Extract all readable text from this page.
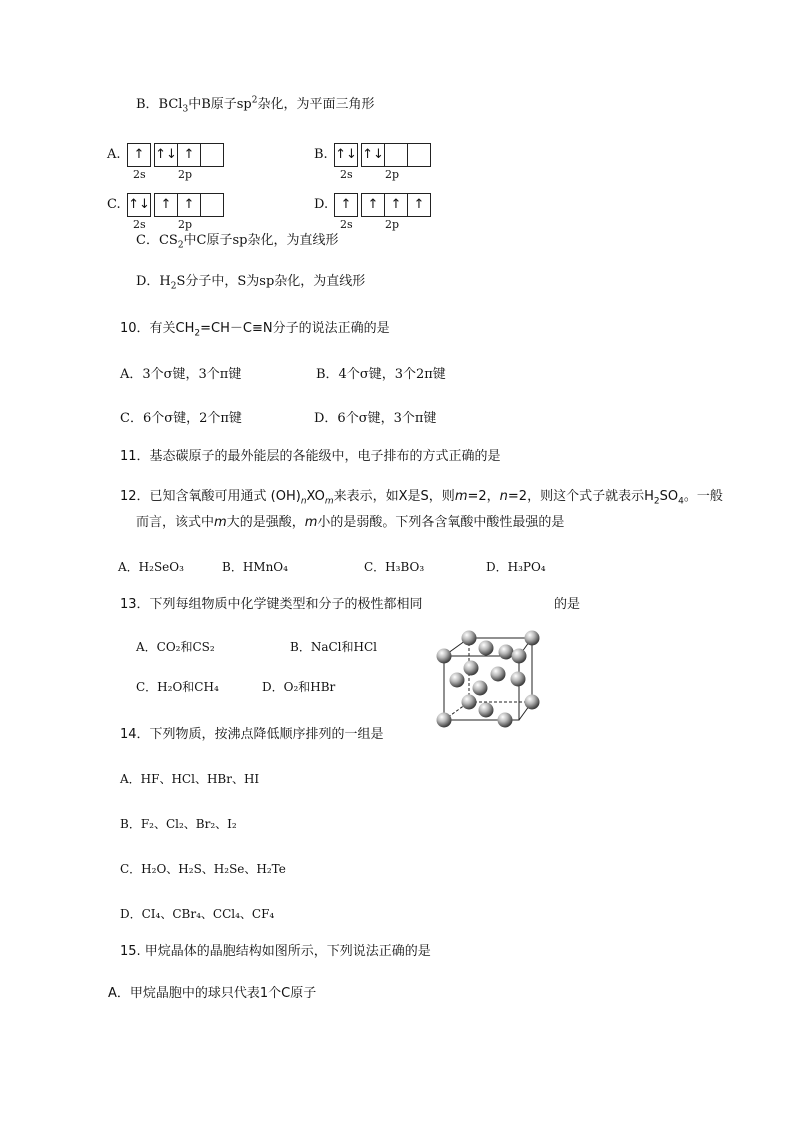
B．BCl$_3$中B原子$sp^2$杂化，为平面三角形
A.	↑ ↑↓ ↑
2s	2p
B. ↑↓ ↑↓
2s	2p
C. ↑↓ ↑ ↑
2s	2p
D. ↑	↑ ↑ ↑
2s	2p
C．$CS_2$中C原子sp杂化，为直线形
D．$H_2S$分子中，S为sp杂化，为直线形
10．有关$CH_2=CH-C\equiv N$分子的说法正确的是
A．3个σ键，3个π键	B．4个σ键，3个2π键
C．6个σ键，2个π键	D．6个σ键，3个π键
11．基态碳原子的最外能层的各能级中，电子排布的方式正确的是
12．已知含氧酸可用通式 $(OH)_nXO_m$来表示，如X是S，则m=2，n=2，则这个式子就表示$H_2SO_4$。一般
而言，该式中m大的是强酸，m小的是弱酸。下列各含氧酸中酸性最强的是
A．H₂SeO₃	B．HMnO₄	C．H₃BO₃	D．H₃PO₄
13．下列每组物质中化学键类型和分子的极性都相同	的是
A．CO₂和CS₂	B．NaCl和HCl
C．H₂O和CH₄	D．O₂和HBr
14．下列物质，按沸点降低顺序排列的一组是
A．HF、HCl、HBr、HI
B．F₂、Cl₂、Br₂、I₂
C．H₂O、H₂S、H₂Se、H₂Te
D．CI₄、CBr₄、CCl₄、CF₄
15. 甲烷晶体的晶胞结构如图所示，下列说法正确的是
A．甲烷晶胞中的球只代表1个C原子
